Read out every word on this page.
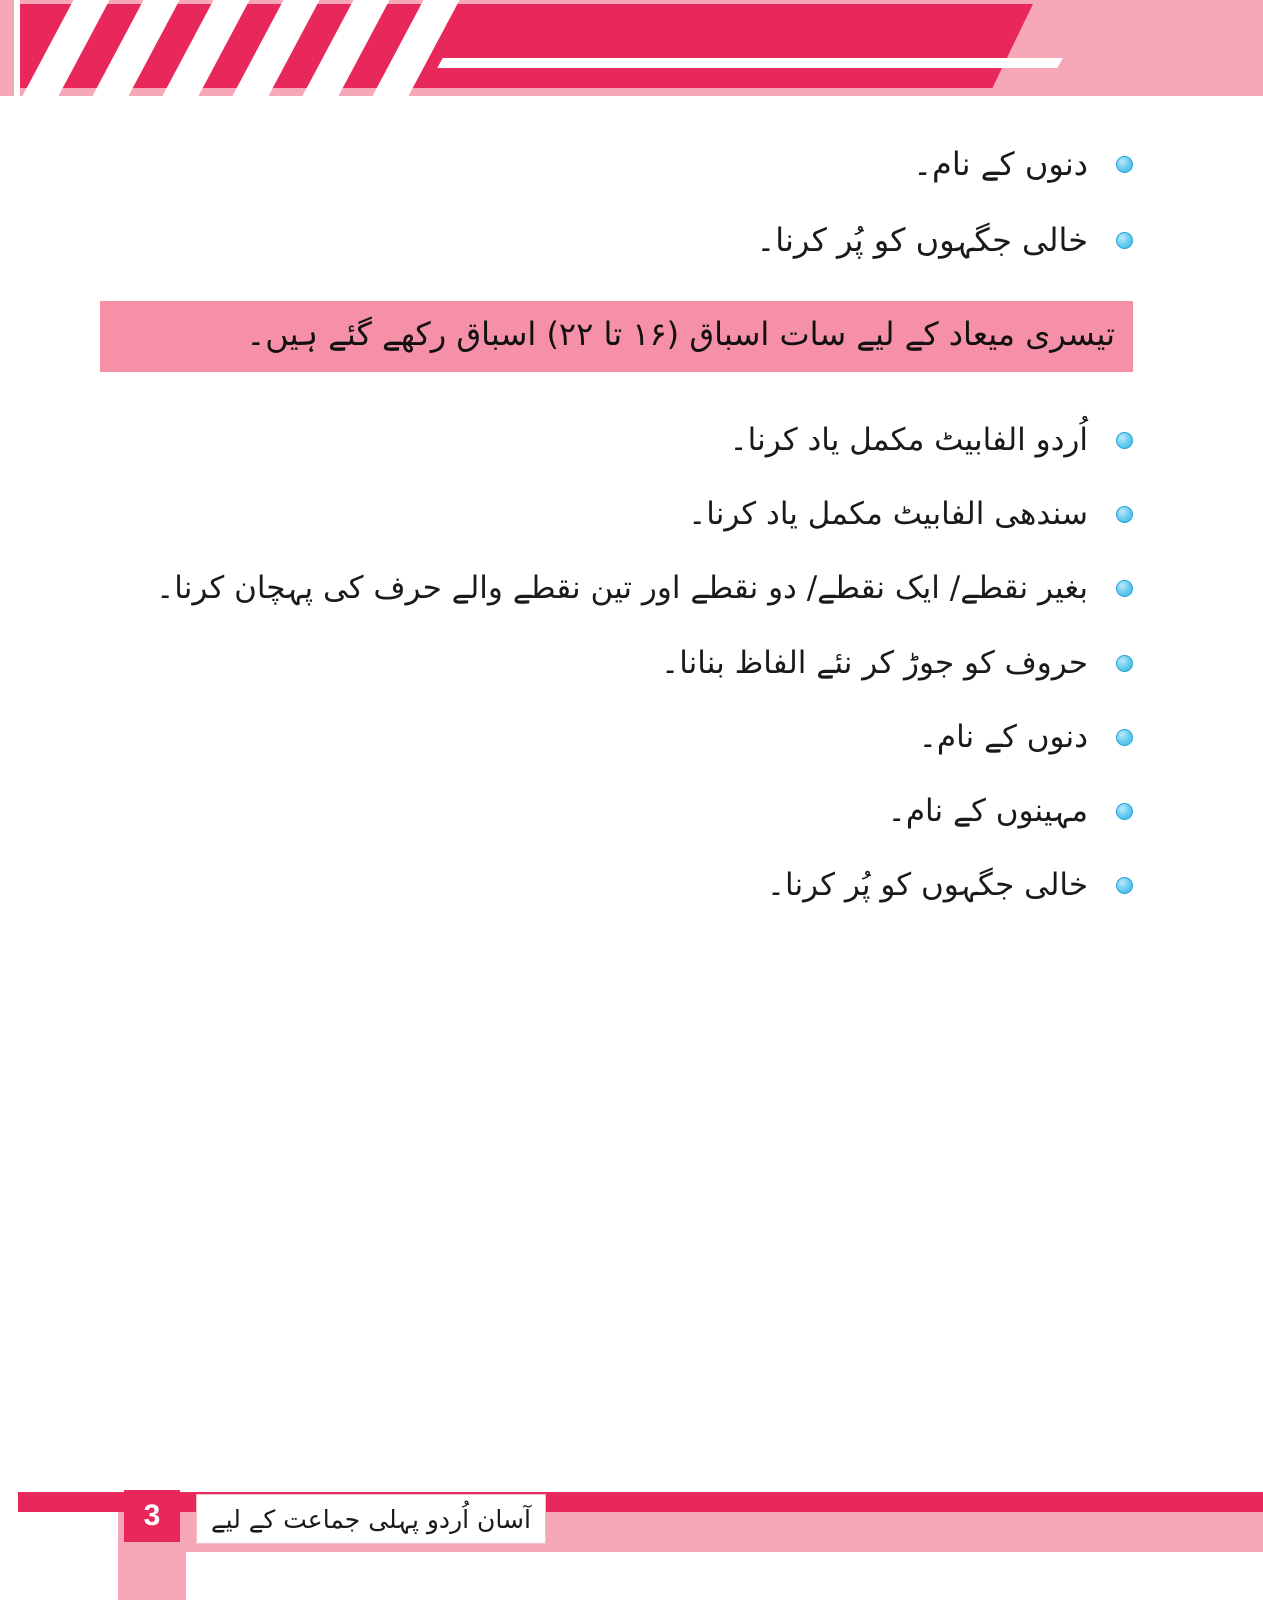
دنوں کے نام۔
خالی جگہوں کو پُر کرنا۔
تیسری میعاد کے لیے سات اسباق (۱۶ تا ۲۲) اسباق رکھے گئے ہیں۔
اُردو الفابیٹ مکمل یاد کرنا۔
سندھی الفابیٹ مکمل یاد کرنا۔
بغیر نقطے/ ایک نقطے/ دو نقطے اور تین نقطے والے حرف کی پہچان کرنا۔
حروف کو جوڑ کر نئے الفاظ بنانا۔
دنوں کے نام۔
مہینوں کے نام۔
خالی جگہوں کو پُر کرنا۔
3	آسان اُردو پہلی جماعت کے لیے
